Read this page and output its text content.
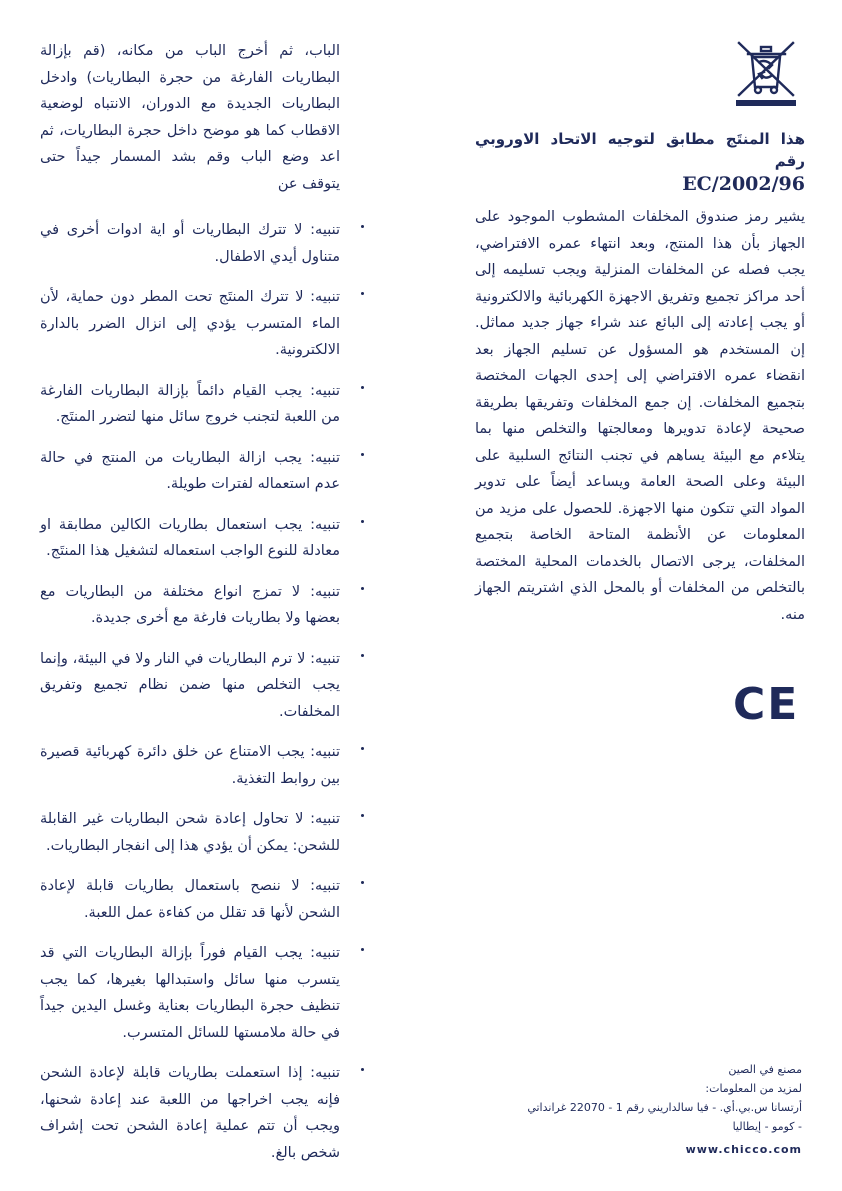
الباب، ثم أخرج الباب من مكانه، (قم بإزالة البطاريات الفارغة من حجرة البطاريات) وادخل البطاريات الجديدة مع الدوران، الانتباه لوضعية الاقطاب كما هو موضح داخل حجرة البطاريات، ثم اعد وضع الباب وقم بشد المسمار جيداً حتى يتوقف عن

تنبيه: لا تترك البطاريات أو اية ادوات أخرى في متناول أيدي الاطفال.
تنبيه: لا تترك المنتَج تحت المطر دون حماية، لأن الماء المتسرب يؤدي إلى انزال الضرر بالدارة الالكترونية.
تنبيه: يجب القيام دائماً بإزالة البطاريات الفارغة من اللعبة لتجنب خروج سائل منها لتضرر المنتَج.
تنبيه: يجب ازالة البطاريات من المنتج في حالة عدم استعماله لفترات طويلة.
تنبيه: يجب استعمال بطاريات الكالين مطابقة او معادلة للنوع الواجب استعماله لتشغيل هذا المنتَج.
تنبيه: لا تمزج انواع مختلفة من البطاريات مع بعضها ولا بطاريات فارغة مع أخرى جديدة.
تنبيه: لا ترم البطاريات في النار ولا في البيئة، وإنما يجب التخلص منها ضمن نظام تجميع وتفريق المخلفات.
تنبيه: يجب الامتناع عن خلق دائرة كهربائية قصيرة بين روابط التغذية.
تنبيه: لا تحاول إعادة شحن البطاريات غير القابلة للشحن: يمكن أن يؤدي هذا إلى انفجار البطاريات.
تنبيه: لا ننصح باستعمال بطاريات قابلة لإعادة الشحن لأنها قد تقلل من كفاءة عمل اللعبة.
تنبيه: يجب القيام فوراً بإزالة البطاريات التي قد يتسرب منها سائل واستبدالها بغيرها، كما يجب تنظيف حجرة البطاريات بعناية وغسل اليدين جيداً في حالة ملامستها للسائل المتسرب.
تنبيه: إذا استعملت بطاريات قابلة لإعادة الشحن فإنه يجب اخراجها من اللعبة عند إعادة شحنها، ويجب أن تتم عملية إعادة الشحن تحت إشراف شخص بالغ.

هذا المنتَج مطابق لتوجيه الاتحاد الاوروبي رقم

EC/2002/96

يشير رمز صندوق المخلفات المشطوب الموجود على الجهاز بأن هذا المنتج، وبعد انتهاء عمره الافتراضي، يجب فصله عن المخلفات المنزلية ويجب تسليمه إلى أحد مراكز تجميع وتفريق الاجهزة الكهربائية والالكترونية أو يجب إعادته إلى البائع عند شراء جهاز جديد مماثل. إن المستخدم هو المسؤول عن تسليم الجهاز بعد انقضاء عمره الافتراضي إلى إحدى الجهات المختصة بتجميع المخلفات. إن جمع المخلفات وتفريقها بطريقة صحيحة لإعادة تدويرها ومعالجتها والتخلص منها بما يتلاءم مع البيئة يساهم في تجنب النتائج السلبية على البيئة وعلى الصحة العامة ويساعد أيضاً على تدوير المواد التي تتكون منها الاجهزة. للحصول على مزيد من المعلومات عن الأنظمة المتاحة الخاصة بتجميع المخلفات، يرجى الاتصال بالخدمات المحلية المختصة بالتخلص من المخلفات أو بالمحل الذي اشتريتم الجهاز منه.

CE

مصنع في الصين

لمزيد من المعلومات:

أرتسانا س.بي.أي. - فيا سالداريني رقم 1 - 22070 غرانداتي

- كومو - إيطاليا

www.chicco.com
